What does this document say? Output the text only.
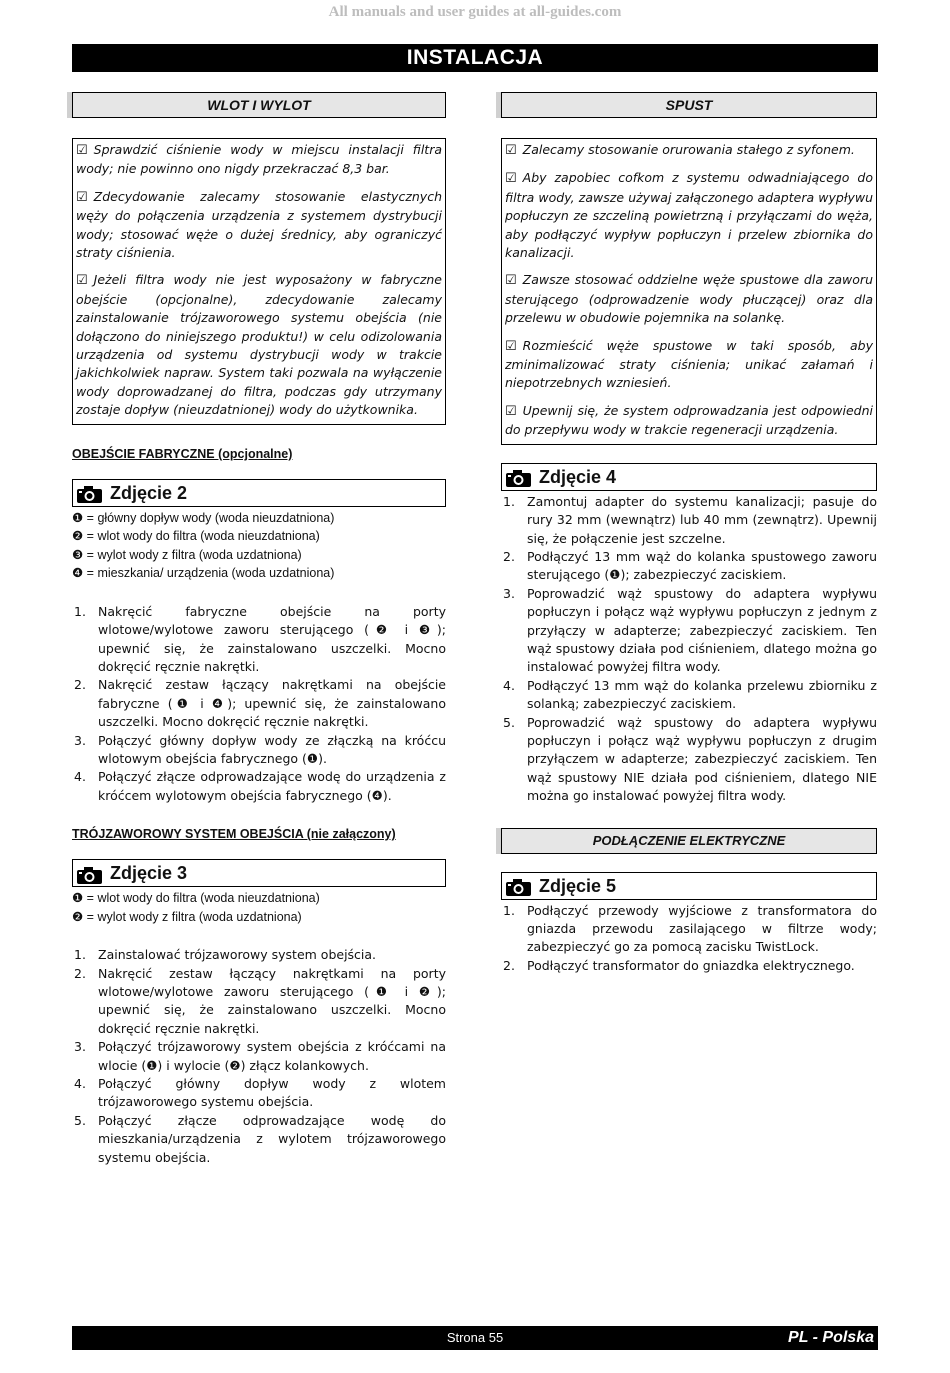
All manuals and user guides at all-guides.com
INSTALACJA
WLOT I WYLOT

☑ Sprawdzić ciśnienie wody w miejscu instalacji filtra wody; nie powinno ono nigdy przekraczać 8,3 bar.

☑ Zdecydowanie zalecamy stosowanie elastycznych węży do połączenia urządzenia z systemem dystrybucji wody; stosować węże o dużej średnicy, aby ograniczyć straty ciśnienia.

☑ Jeżeli filtra wody nie jest wyposażony w fabryczne obejście (opcjonalne), zdecydowanie zalecamy zainstalowanie trójzaworowego systemu obejścia (nie dołączono do niniejszego produktu!) w celu odizolowania urządzenia od systemu dystrybucji wody w trakcie jakichkolwiek napraw. System taki pozwala na wyłączenie wody doprowadzanej do filtra, podczas gdy utrzymany zostaje dopływ (nieuzdatnionej) wody do użytkownika.

OBEJŚCIE FABRYCZNE (opcjonalne)
Zdjęcie 2
❶ = główny dopływ wody (woda nieuzdatniona)
❷ = wlot wody do filtra (woda nieuzdatniona)
❸ = wylot wody z filtra (woda uzdatniona)
❹ = mieszkania/ urządzenia (woda uzdatniona)
1. Nakręcić fabryczne obejście na porty wlotowe/wylotowe zaworu sterującego (❷ i ❸); upewnić się, że zainstalowano uszczelki. Mocno dokręcić ręcznie nakrętki.
2. Nakręcić zestaw łączący nakrętkami na obejście fabryczne (❶ i ❹); upewnić się, że zainstalowano uszczelki. Mocno dokręcić ręcznie nakrętki.
3. Połączyć główny dopływ wody ze złączką na króćcu wlotowym obejścia fabrycznego (❶).
4. Połączyć złącze odprowadzające wodę do urządzenia z króćcem wylotowym obejścia fabrycznego (❹).
TRÓJZAWOROWY SYSTEM OBEJŚCIA (nie załączony)
Zdjęcie 3
❶ = wlot wody do filtra (woda nieuzdatniona)
❷ = wylot wody z filtra (woda uzdatniona)
1. Zainstalować trójzaworowy system obejścia.
2. Nakręcić zestaw łączący nakrętkami na porty wlotowe/wylotowe zaworu sterującego (❶ i ❷); upewnić się, że zainstalowano uszczelki. Mocno dokręcić ręcznie nakrętki.
3. Połączyć trójzaworowy system obejścia z króćcami na wlocie (❶) i wylocie (❷) złącz kolankowych.
4. Połączyć główny dopływ wody z wlotem trójzaworowego systemu obejścia.
5. Połączyć złącze odprowadzające wodę do mieszkania/urządzenia z wylotem trójzaworowego systemu obejścia.
SPUST

☑ Zalecamy stosowanie orurowania stałego z syfonem.

☑ Aby zapobiec cofkom z systemu odwadniającego do filtra wody, zawsze używaj załączonego adaptera wypływu popłuczyn ze szczeliną powietrzną i przyłączami do węża, aby podłączyć wypływ popłuczyn i przelew zbiornika do kanalizacji.

☑ Zawsze stosować oddzielne węże spustowe dla zaworu sterującego (odprowadzenie wody płuczącej) oraz dla przelewu w obudowie pojemnika na solankę.

☑ Rozmieścić węże spustowe w taki sposób, aby zminimalizować straty ciśnienia; unikać załamań i niepotrzebnych wzniesień.

☑ Upewnij się, że system odprowadzania jest odpowiedni do przepływu wody w trakcie regeneracji urządzenia.

Zdjęcie 4
1. Zamontuj adapter do systemu kanalizacji; pasuje do rury 32 mm (wewnątrz) lub 40 mm (zewnątrz). Upewnij się, że połączenie jest szczelne.
2. Podłączyć 13 mm wąż do kolanka spustowego zaworu sterującego (❶); zabezpieczyć zaciskiem.
3. Poprowadzić wąż spustowy do adaptera wypływu popłuczyn i połącz wąż wypływu popłuczyn z jednym z przyłączy w adapterze; zabezpieczyć zaciskiem. Ten wąż spustowy działa pod ciśnieniem, dlatego można go instalować powyżej filtra wody.
4. Podłączyć 13 mm wąż do kolanka przelewu zbiorniku z solanką; zabezpieczyć zaciskiem.
5. Poprowadzić wąż spustowy do adaptera wypływu popłuczyn i połącz wąż wypływu popłuczyn z drugim przyłączem w adapterze; zabezpieczyć zaciskiem. Ten wąż spustowy NIE działa pod ciśnieniem, dlatego NIE można go instalować powyżej filtra wody.
PODŁĄCZENIE ELEKTRYCZNE
Zdjęcie 5
1. Podłączyć przewody wyjściowe z transformatora do gniazda przewodu zasilającego w filtrze wody; zabezpieczyć go za pomocą zacisku TwistLock.
2. Podłączyć transformator do gniazdka elektrycznego.
Strona 55	PL - Polska
